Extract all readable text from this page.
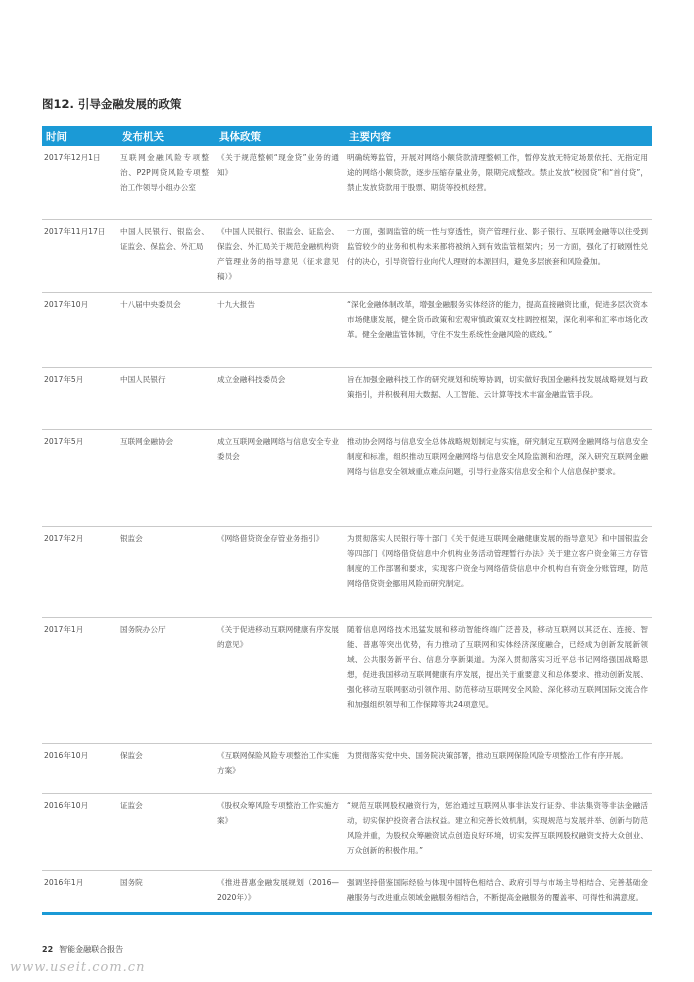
图12. 引导金融发展的政策
时间	发布机关	具体政策	主要内容
2017年12月1日	互联网金融风险专项整治、P2P网贷风险专项整治工作领导小组办公室	《关于规范整顿“现金贷”业务的通知》	明确统筹监管，开展对网络小额贷款清理整顿工作，暂停发放无特定场景依托、无指定用途的网络小额贷款，逐步压缩存量业务，限期完成整改。禁止发放“校园贷”和“首付贷”，禁止发放贷款用于股票、期货等投机经营。
2017年11月17日	中国人民银行、银监会、证监会、保监会、外汇局	《中国人民银行、银监会、证监会、保监会、外汇局关于规范金融机构资产管理业务的指导意见（征求意见稿）》	一方面，强调监管的统一性与穿透性，资产管理行业、影子银行、互联网金融等以往受到监管较少的业务和机构未来都将被纳入到有效监管框架内；另一方面，强化了打破刚性兑付的决心，引导资管行业向代人理财的本源回归，避免多层嵌套和风险叠加。
2017年10月	十八届中央委员会	十九大报告	“深化金融体制改革，增强金融服务实体经济的能力，提高直接融资比重，促进多层次资本市场健康发展，健全货币政策和宏观审慎政策双支柱调控框架，深化利率和汇率市场化改革。健全金融监管体制，守住不发生系统性金融风险的底线。”
2017年5月	中国人民银行	成立金融科技委员会	旨在加强金融科技工作的研究规划和统筹协调，切实做好我国金融科技发展战略规划与政策指引，并积极利用大数据、人工智能、云计算等技术丰富金融监管手段。
2017年5月	互联网金融协会	成立互联网金融网络与信息安全专业委员会	推动协会网络与信息安全总体战略规划制定与实施，研究制定互联网金融网络与信息安全制度和标准，组织推动互联网金融网络与信息安全风险监测和治理，深入研究互联网金融网络与信息安全领域重点难点问题，引导行业落实信息安全和个人信息保护要求。
2017年2月	银监会	《网络借贷资金存管业务指引》	为贯彻落实人民银行等十部门《关于促进互联网金融健康发展的指导意见》和中国银监会等四部门《网络借贷信息中介机构业务活动管理暂行办法》关于建立客户资金第三方存管制度的工作部署和要求，实现客户资金与网络借贷信息中介机构自有资金分账管理，防范网络借贷资金挪用风险而研究制定。
2017年1月	国务院办公厅	《关于促进移动互联网健康有序发展的意见》	随着信息网络技术迅猛发展和移动智能终端广泛普及，移动互联网以其泛在、连接、智能、普惠等突出优势，有力推动了互联网和实体经济深度融合，已经成为创新发展新领域、公共服务新平台、信息分享新渠道。为深入贯彻落实习近平总书记网络强国战略思想，促进我国移动互联网健康有序发展，提出关于重要意义和总体要求、推动创新发展、强化移动互联网驱动引领作用、防范移动互联网安全风险、深化移动互联网国际交流合作和加强组织领导和工作保障等共24项意见。
2016年10月	保监会	《互联网保险风险专项整治工作实施方案》	为贯彻落实党中央、国务院决策部署，推动互联网保险风险专项整治工作有序开展。
2016年10月	证监会	《股权众筹风险专项整治工作实施方案》	“规范互联网股权融资行为，惩治通过互联网从事非法发行证券、非法集资等非法金融活动，切实保护投资者合法权益。建立和完善长效机制，实现规范与发展并举、创新与防范风险并重，为股权众筹融资试点创造良好环境，切实发挥互联网股权融资支持大众创业、万众创新的积极作用。”
2016年1月	国务院	《推进普惠金融发展规划（2016—2020年）》	强调坚持借鉴国际经验与体现中国特色相结合、政府引导与市场主导相结合、完善基础金融服务与改进重点领域金融服务相结合，不断提高金融服务的覆盖率、可得性和满意度。
22 智能金融联合报告
www.useit.com.cn
